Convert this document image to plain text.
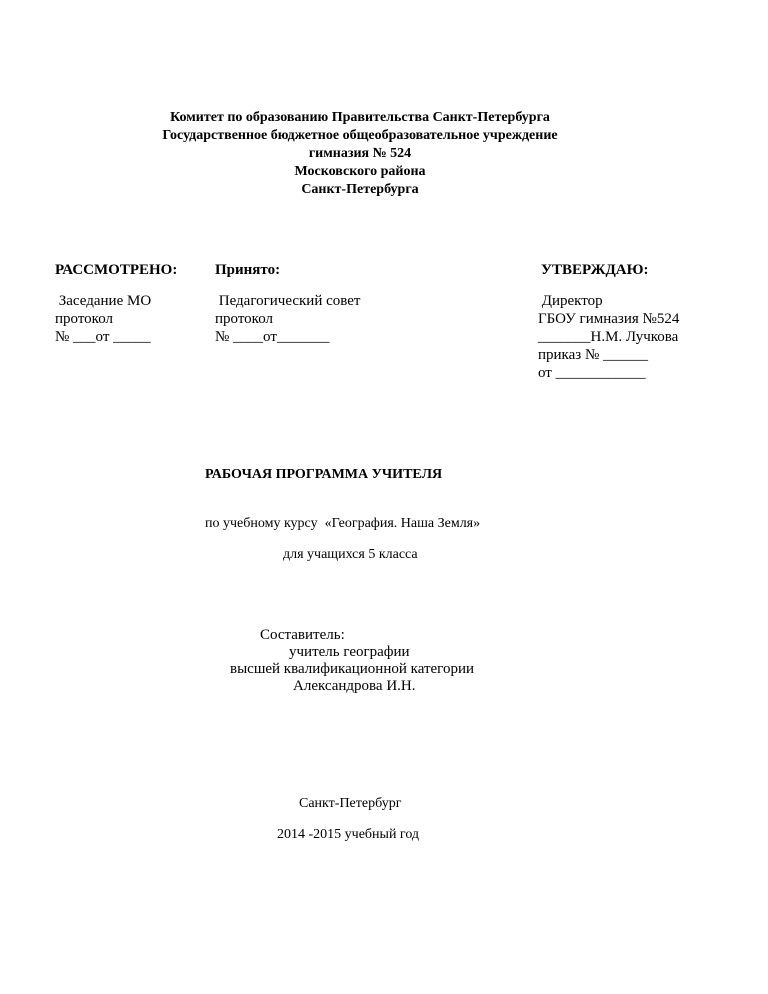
Комитет по образованию Правительства Санкт-Петербурга
Государственное бюджетное общеобразовательное учреждение
гимназия № 524
Московского района
Санкт-Петербурга
РАССМОТРЕНО:
Заседание МО
протокол
№ ___от _____
Принято:
Педагогический совет
протокол
№ ____от_______
УТВЕРЖДАЮ:
Директор
ГБОУ гимназия №524
_______Н.М. Лучкова
приказ № ______
от ____________
РАБОЧАЯ ПРОГРАММА УЧИТЕЛЯ
по учебному курсу  «География. Наша Земля»
для учащихся 5 класса
Составитель:
учитель географии
высшей квалификационной категории
Александрова И.Н.
Санкт-Петербург
2014 -2015 учебный год
